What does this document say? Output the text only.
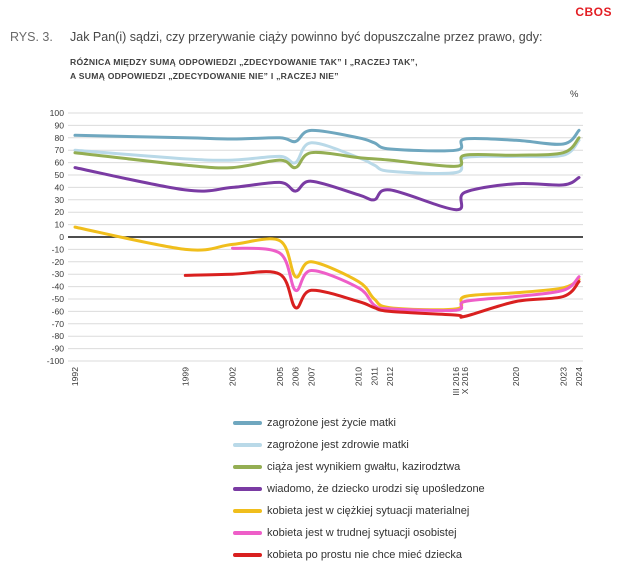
CBOS
RYS. 3. Jak Pan(i) sądzi, czy przerywanie ciąży powinno być dopuszczalne przez prawo, gdy:
RÓŻNICA MIĘDZY SUMĄ ODPOWIEDZI „ZDECYDOWANIE TAK” I „RACZEJ TAK”,
A SUMĄ ODPOWIEDZI „ZDECYDOWANIE NIE” I „RACZEJ NIE”
%
-100
-90
-80
-70
-60
-50
-40
-30
-20
-10
0
10
20
30
40
50
60
70
80
90
100
1992	1999	2002	2005 2006 2007	2010 2011 2012	III 2016
X 2016	2020	2023 2024
zagrożone jest życie matki
zagrożone jest zdrowie matki
ciąża jest wynikiem gwałtu, kazirodztwa
wiadomo, że dziecko urodzi się upośledzone
kobieta jest w ciężkiej sytuacji materialnej
kobieta jest w trudnej sytuacji osobistej
kobieta po prostu nie chce mieć dziecka
